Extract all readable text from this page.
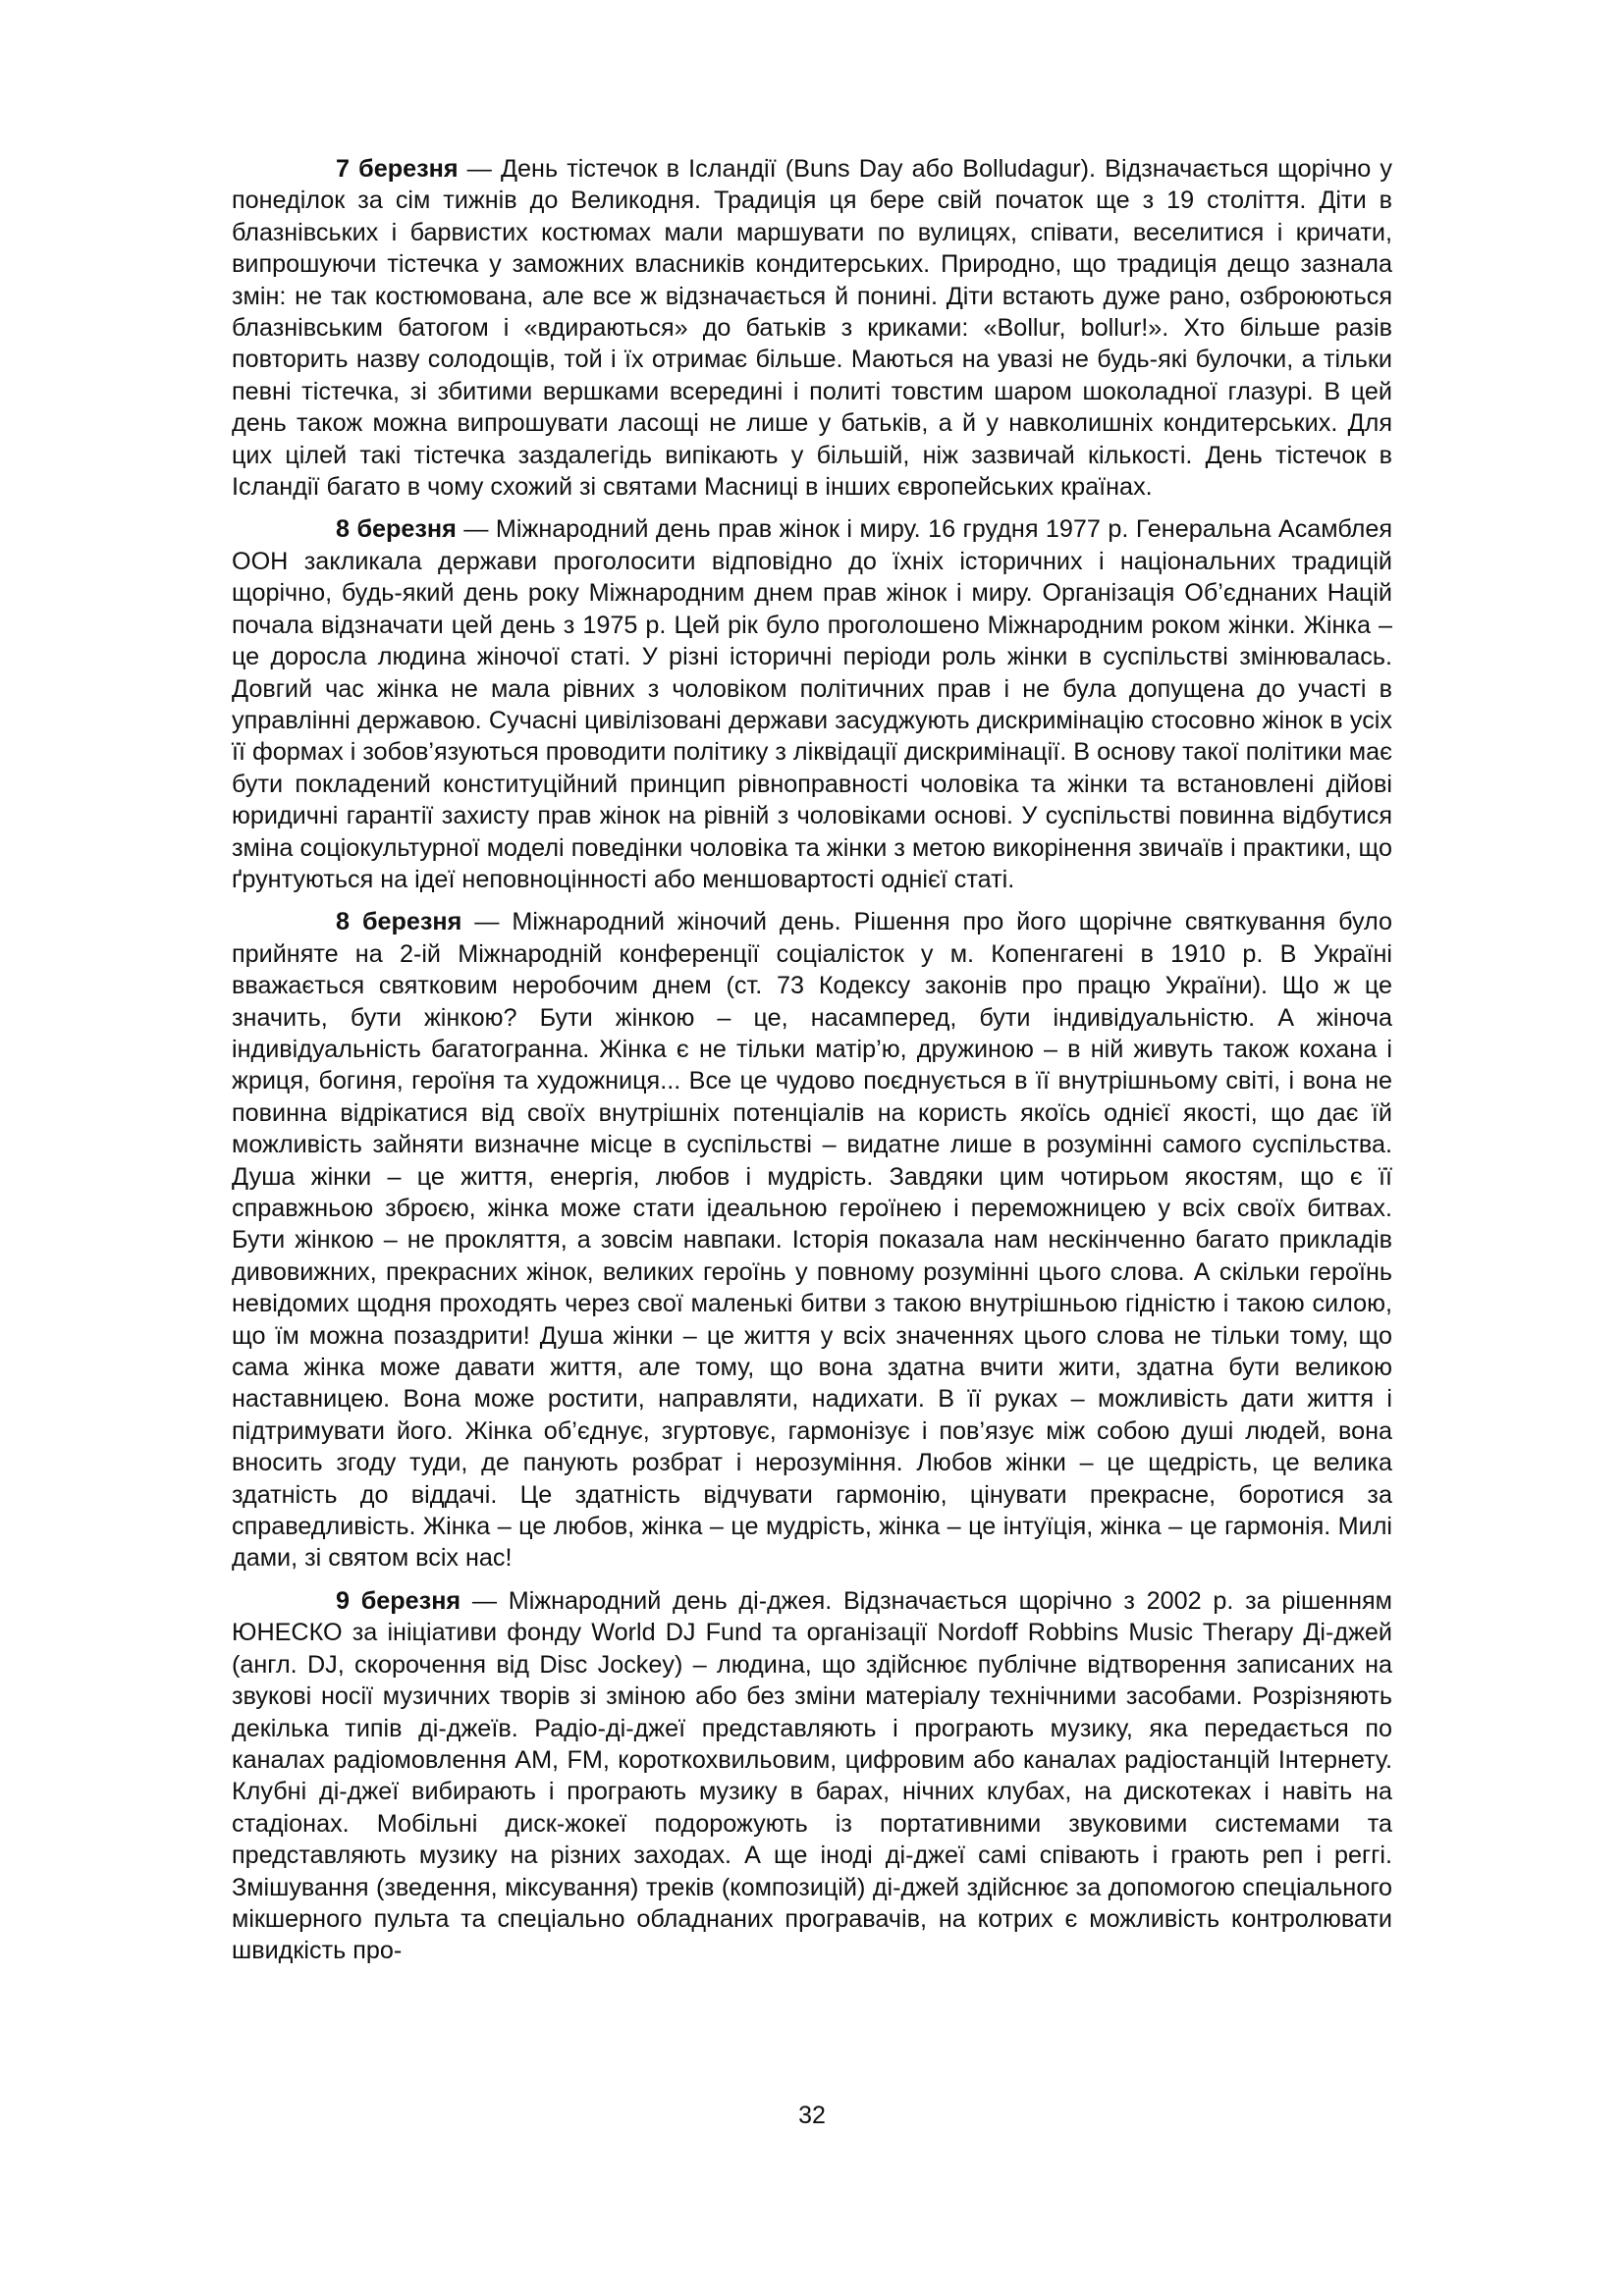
7 березня — День тістечок в Ісландії (Buns Day або Bolludagur). Відзначається щорічно у понеділок за сім тижнів до Великодня. Традиція ця бере свій початок ще з 19 століття. Діти в блазнівських і барвистих костюмах мали маршувати по вулицях, співати, веселитися і кричати, випрошуючи тістечка у заможних власників кондитерських. Природно, що традиція дещо зазнала змін: не так костюмована, але все ж відзначається й понині. Діти встають дуже рано, озброюються блазнівським батогом і «вдираються» до батьків з криками: «Bollur, bollur!». Хто більше разів повторить назву солодощів, той і їх отримає більше. Маються на увазі не будь-які булочки, а тільки певні тістечка, зі збитими вершками всередині і политі товстим шаром шоколадної глазурі. В цей день також можна випрошувати ласощі не лише у батьків, а й у навколишніх кондитерських. Для цих цілей такі тістечка заздалегідь випікають у більшій, ніж зазвичай кількості. День тістечок в Ісландії багато в чому схожий зі святами Масниці в інших європейських країнах.

8 березня — Міжнародний день прав жінок і миру. 16 грудня 1977 р. Генеральна Асамблея ООН закликала держави проголосити відповідно до їхніх історичних і національних традицій щорічно, будь-який день року Міжнародним днем прав жінок і миру. Організація Об’єднаних Націй почала відзначати цей день з 1975 р. Цей рік було проголошено Міжнародним роком жінки. Жінка – це доросла людина жіночої статі. У різні історичні періоди роль жінки в суспільстві змінювалась. Довгий час жінка не мала рівних з чоловіком політичних прав і не була допущена до участі в управлінні державою. Сучасні цивілізовані держави засуджують дискримінацію стосовно жінок в усіх її формах і зобов’язуються проводити політику з ліквідації дискримінації. В основу такої політики має бути покладений конституційний принцип рівноправності чоловіка та жінки та встановлені дійові юридичні гарантії захисту прав жінок на рівній з чоловіками основі. У суспільстві повинна відбутися зміна соціокультурної моделі поведінки чоловіка та жінки з метою викорінення звичаїв і практики, що ґрунтуються на ідеї неповноцінності або меншовартості однієї статі.

8 березня — Міжнародний жіночий день. Рішення про його щорічне святкування було прийняте на 2-ій Міжнародній конференції соціалісток у м. Копенгагені в 1910 р. В Україні вважається святковим неробочим днем (ст. 73 Кодексу законів про працю України). Що ж це значить, бути жінкою? Бути жінкою – це, насамперед, бути індивідуальністю. А жіноча індивідуальність багатогранна. Жінка є не тільки матір’ю, дружиною – в ній живуть також кохана і жриця, богиня, героїня та художниця... Все це чудово поєднується в її внутрішньому світі, і вона не повинна відрікатися від своїх внутрішніх потенціалів на користь якоїсь однієї якості, що дає їй можливість зайняти визначне місце в суспільстві – видатне лише в розумінні самого суспільства. Душа жінки – це життя, енергія, любов і мудрість. Завдяки цим чотирьом якостям, що є її справжньою зброєю, жінка може стати ідеальною героїнею і переможницею у всіх своїх битвах. Бути жінкою – не прокляття, а зовсім навпаки. Історія показала нам нескінченно багато прикладів дивовижних, прекрасних жінок, великих героїнь у повному розумінні цього слова. А скільки героїнь невідомих щодня проходять через свої маленькі битви з такою внутрішньою гідністю і такою силою, що їм можна позаздрити! Душа жінки – це життя у всіх значеннях цього слова не тільки тому, що сама жінка може давати життя, але тому, що вона здатна вчити жити, здатна бути великою наставницею. Вона може ростити, направляти, надихати. В її руках – можливість дати життя і підтримувати його. Жінка об’єднує, згуртовує, гармонізує і пов’язує між собою душі людей, вона вносить згоду туди, де панують розбрат і нерозуміння. Любов жінки – це щедрість, це велика здатність до віддачі. Це здатність відчувати гармонію, цінувати прекрасне, боротися за справедливість. Жінка – це любов, жінка – це мудрість, жінка – це інтуїція, жінка – це гармонія. Милі дами, зі святом всіх нас!

9 березня — Міжнародний день ді-джея. Відзначається щорічно з 2002 р. за рішенням ЮНЕСКО за ініціативи фонду World DJ Fund та організації Nordoff Robbins Music Therapy Ді-джей (англ. DJ, скорочення від Disc Jockey) – людина, що здійснює публічне відтворення записаних на звукові носії музичних творів зі зміною або без зміни матеріалу технічними засобами. Розрізняють декілька типів ді-джеїв. Радіо-ді-джеї представляють і програють музику, яка передається по каналах радіомовлення AM, FM, короткохвильовим, цифровим або каналах радіостанцій Інтернету. Клубні ді-джеї вибирають і програють музику в барах, нічних клубах, на дискотеках і навіть на стадіонах. Мобільні диск-жокеї подорожують із портативними звуковими системами та представляють музику на різних заходах. А ще іноді ді-джеї самі співають і грають реп і реггі. Змішування (зведення, міксування) треків (композицій) ді-джей здійснює за допомогою спеціального мікшерного пульта та спеціально обладнаних програвачів, на котрих є можливість контролювати швидкість про-

32
